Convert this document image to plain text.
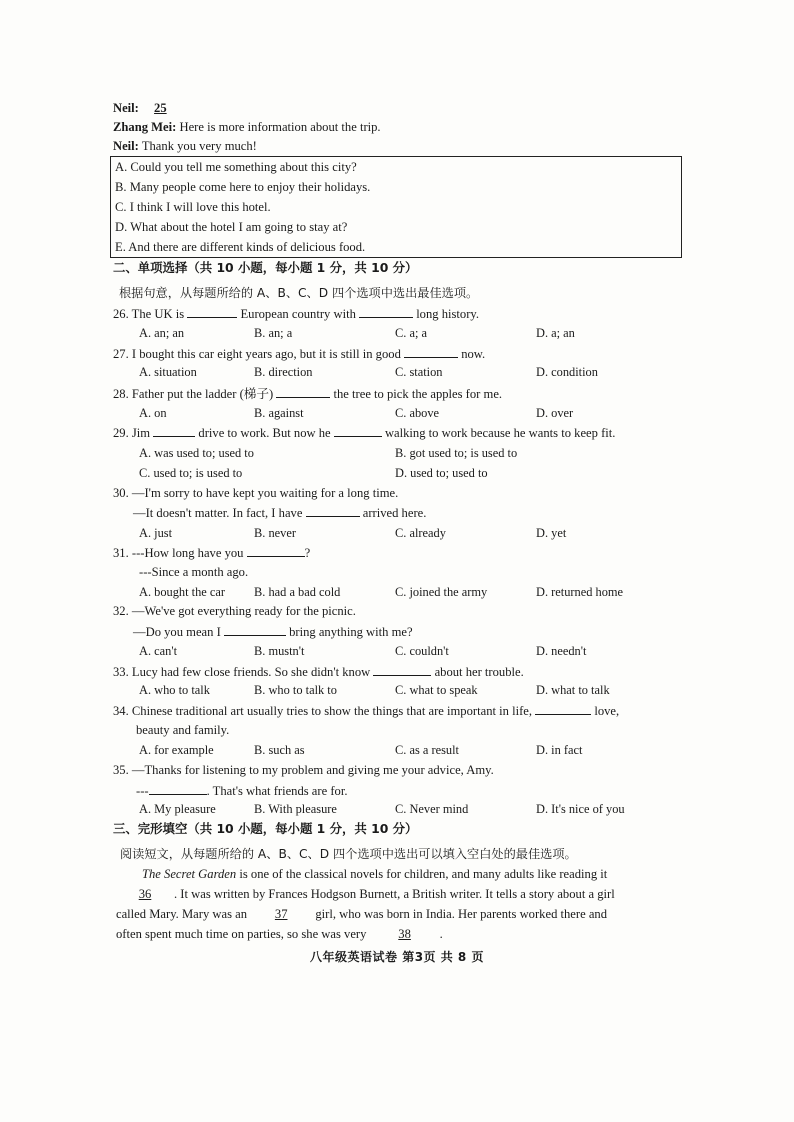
Neil: 25
Zhang Mei: Here is more information about the trip.
Neil: Thank you very much!
A. Could you tell me something about this city?
B. Many people come here to enjoy their holidays.
C. I think I will love this hotel.
D. What about the hotel I am going to stay at?
E. And there are different kinds of delicious food.
二、单项选择（共 10 小题，每小题 1 分，共 10 分）
根据句意，从每题所给的 A、B、C、D 四个选项中选出最佳选项。
26. The UK is	European country with	long history.
A. an; an	B. an; a	C. a; a	D. a; an
27. I bought this car eight years ago, but it is still in good	now.
A. situation	B. direction	C. station	D. condition
28. Father put the ladder (梯子)	the tree to pick the apples for me.
A. on	B. against	C. above	D. over
29. Jim	drive to work. But now he	walking to work because he wants to keep fit.
A. was used to; used to	B. got used to; is used to
C. used to; is used to	D. used to; used to
30. —I'm sorry to have kept you waiting for a long time.
—It doesn't matter. In fact, I have	arrived here.
A. just	B. never	C. already	D. yet
31. ---How long have you	?
---Since a month ago.
A. bought the car B. had a bad cold	C. joined the army	D. returned home
32. —We've got everything ready for the picnic.
—Do you mean I	bring anything with me?
A. can't	B. mustn't	C. couldn't	D. needn't
33. Lucy had few close friends. So she didn't know	about her trouble.
A. who to talk	B. who to talk to	C. what to speak	D. what to talk
34. Chinese traditional art usually tries to show the things that are important in life,	love,
beauty and family.
A. for example	B. such as	C. as a result	D. in fact
35. —Thanks for listening to my problem and giving me your advice, Amy.
---	. That's what friends are for.
A. My pleasure	B. With pleasure	C. Never mind	D. It's nice of you
三、完形填空（共 10 小题，每小题 1 分，共 10 分）
阅读短文，从每题所给的 A、B、C、D 四个选项中选出可以填入空白处的最佳选项。
The Secret Garden is one of the classical novels for children, and many adults like reading it
36 . It was written by Frances Hodgson Burnett, a British writer. It tells a story about a girl
called Mary. Mary was an 37 girl, who was born in India. Her parents worked there and
often spent much time on parties, so she was very	38 .
八年级英语试卷 第3页 共 8 页
